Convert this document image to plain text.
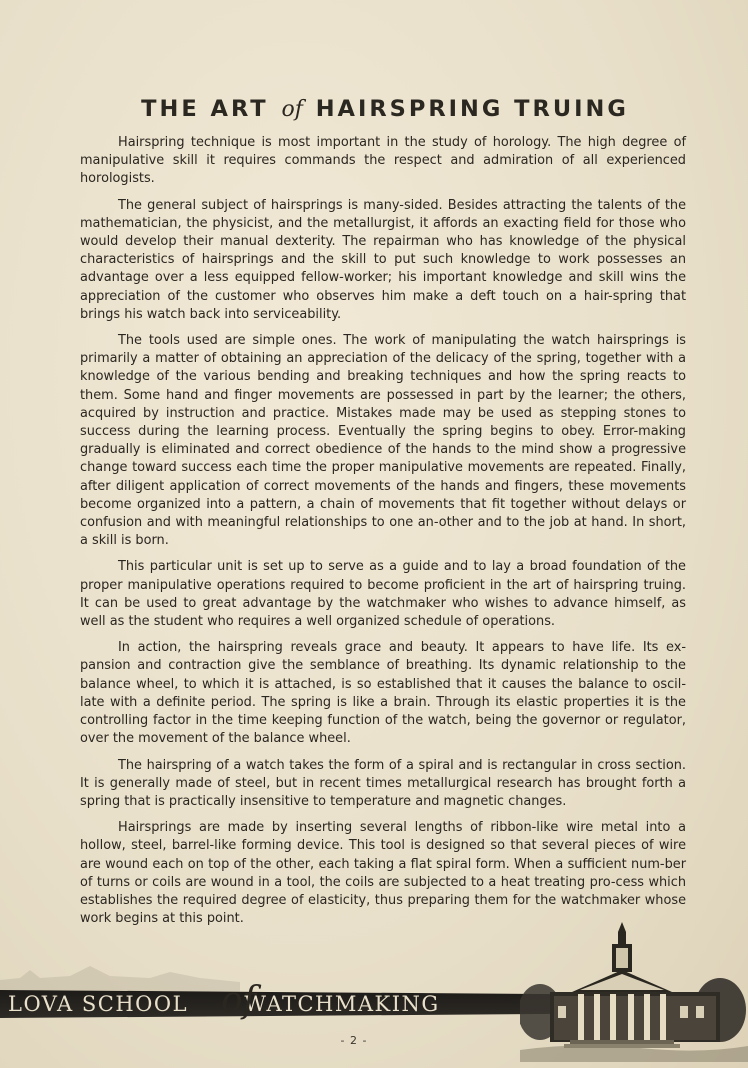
THE ART of HAIRSPRING TRUING

Hairspring technique is most important in the study of horology. The high degree of manipulative skill it requires commands the respect and admiration of all experienced horologists.

The general subject of hairsprings is many-sided. Besides attracting the talents of the mathematician, the physicist, and the metallurgist, it affords an exacting field for those who would develop their manual dexterity. The repairman who has knowledge of the physical characteristics of hairsprings and the skill to put such knowledge to work possesses an advantage over a less equipped fellow-worker; his important knowledge and skill wins the appreciation of the customer who observes him make a deft touch on a hair-spring that brings his watch back into serviceability.

The tools used are simple ones. The work of manipulating the watch hairsprings is primarily a matter of obtaining an appreciation of the delicacy of the spring, together with a knowledge of the various bending and breaking techniques and how the spring reacts to them. Some hand and finger movements are possessed in part by the learner; the others, acquired by instruction and practice. Mistakes made may be used as stepping stones to success during the learning process. Eventually the spring begins to obey. Error-making gradually is eliminated and correct obedience of the hands to the mind show a progressive change toward success each time the proper manipulative movements are repeated. Finally, after diligent application of correct movements of the hands and fingers, these movements become organized into a pattern, a chain of movements that fit together without delays or confusion and with meaningful relationships to one an-other and to the job at hand. In short, a skill is born.

This particular unit is set up to serve as a guide and to lay a broad foundation of the proper manipulative operations required to become proficient in the art of hairspring truing. It can be used to great advantage by the watchmaker who wishes to advance himself, as well as the student who requires a well organized schedule of operations.

In action, the hairspring reveals grace and beauty. It appears to have life. Its ex-pansion and contraction give the semblance of breathing. Its dynamic relationship to the balance wheel, to which it is attached, is so established that it causes the balance to oscil-late with a definite period. The spring is like a brain. Through its elastic properties it is the controlling factor in the time keeping function of the watch, being the governor or regulator, over the movement of the balance wheel.

The hairspring of a watch takes the form of a spiral and is rectangular in cross section. It is generally made of steel, but in recent times metallurgical research has brought forth a spring that is practically insensitive to temperature and magnetic changes.

Hairsprings are made by inserting several lengths of ribbon-like wire metal into a hollow, steel, barrel-like forming device. This tool is designed so that several pieces of wire are wound each on top of the other, each taking a flat spiral form. When a sufficient num-ber of turns or coils are wound in a tool, the coils are subjected to a heat treating pro-cess which establishes the required degree of elasticity, thus preparing them for the watchmaker whose work begins at this point.

LOVA SCHOOL	WATCHMAKING
of
- 2 -
